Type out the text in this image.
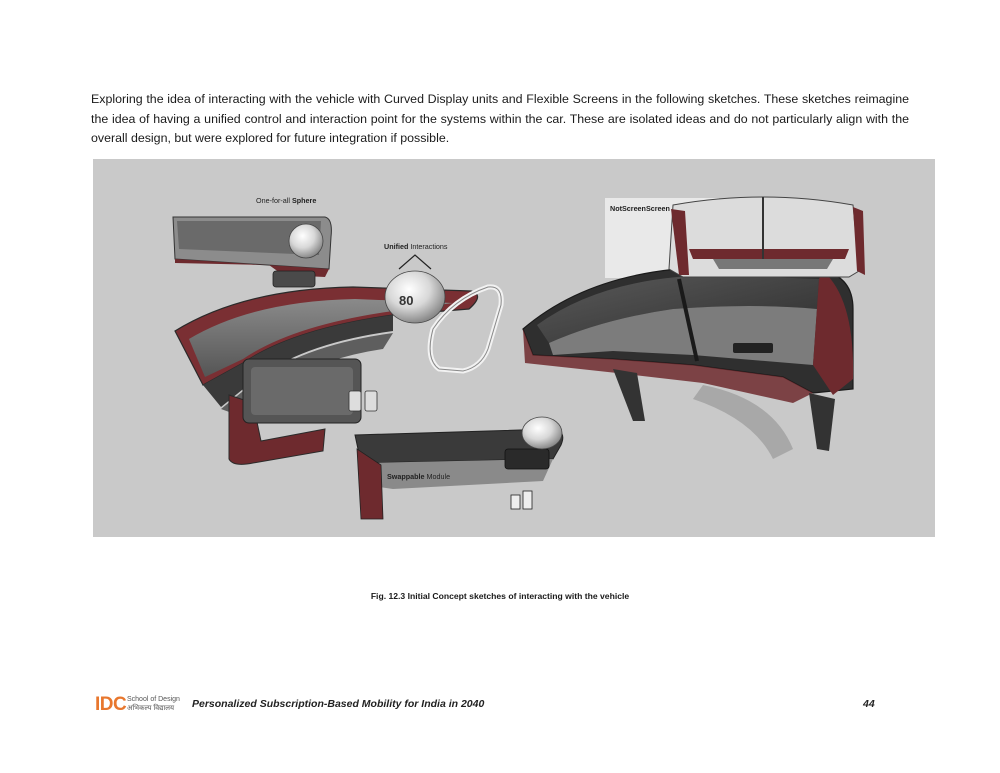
Exploring the idea of interacting with the vehicle with Curved Display units and Flexible Screens in the following sketches. These sketches reimagine the idea of having a unified control and interaction point for the systems within the car. These are isolated ideas and do not particularly align with the overall design, but were explored for future integration if possible.

80
One-for-all Sphere
Unified Interactions
NotScreenScreen
Swappable Module

Fig. 12.3 Initial Concept sketches of interacting with the vehicle

IDC School of Design
अभिकल्प विद्यालय	Personalized Subscription-Based Mobility for India in 2040	44
